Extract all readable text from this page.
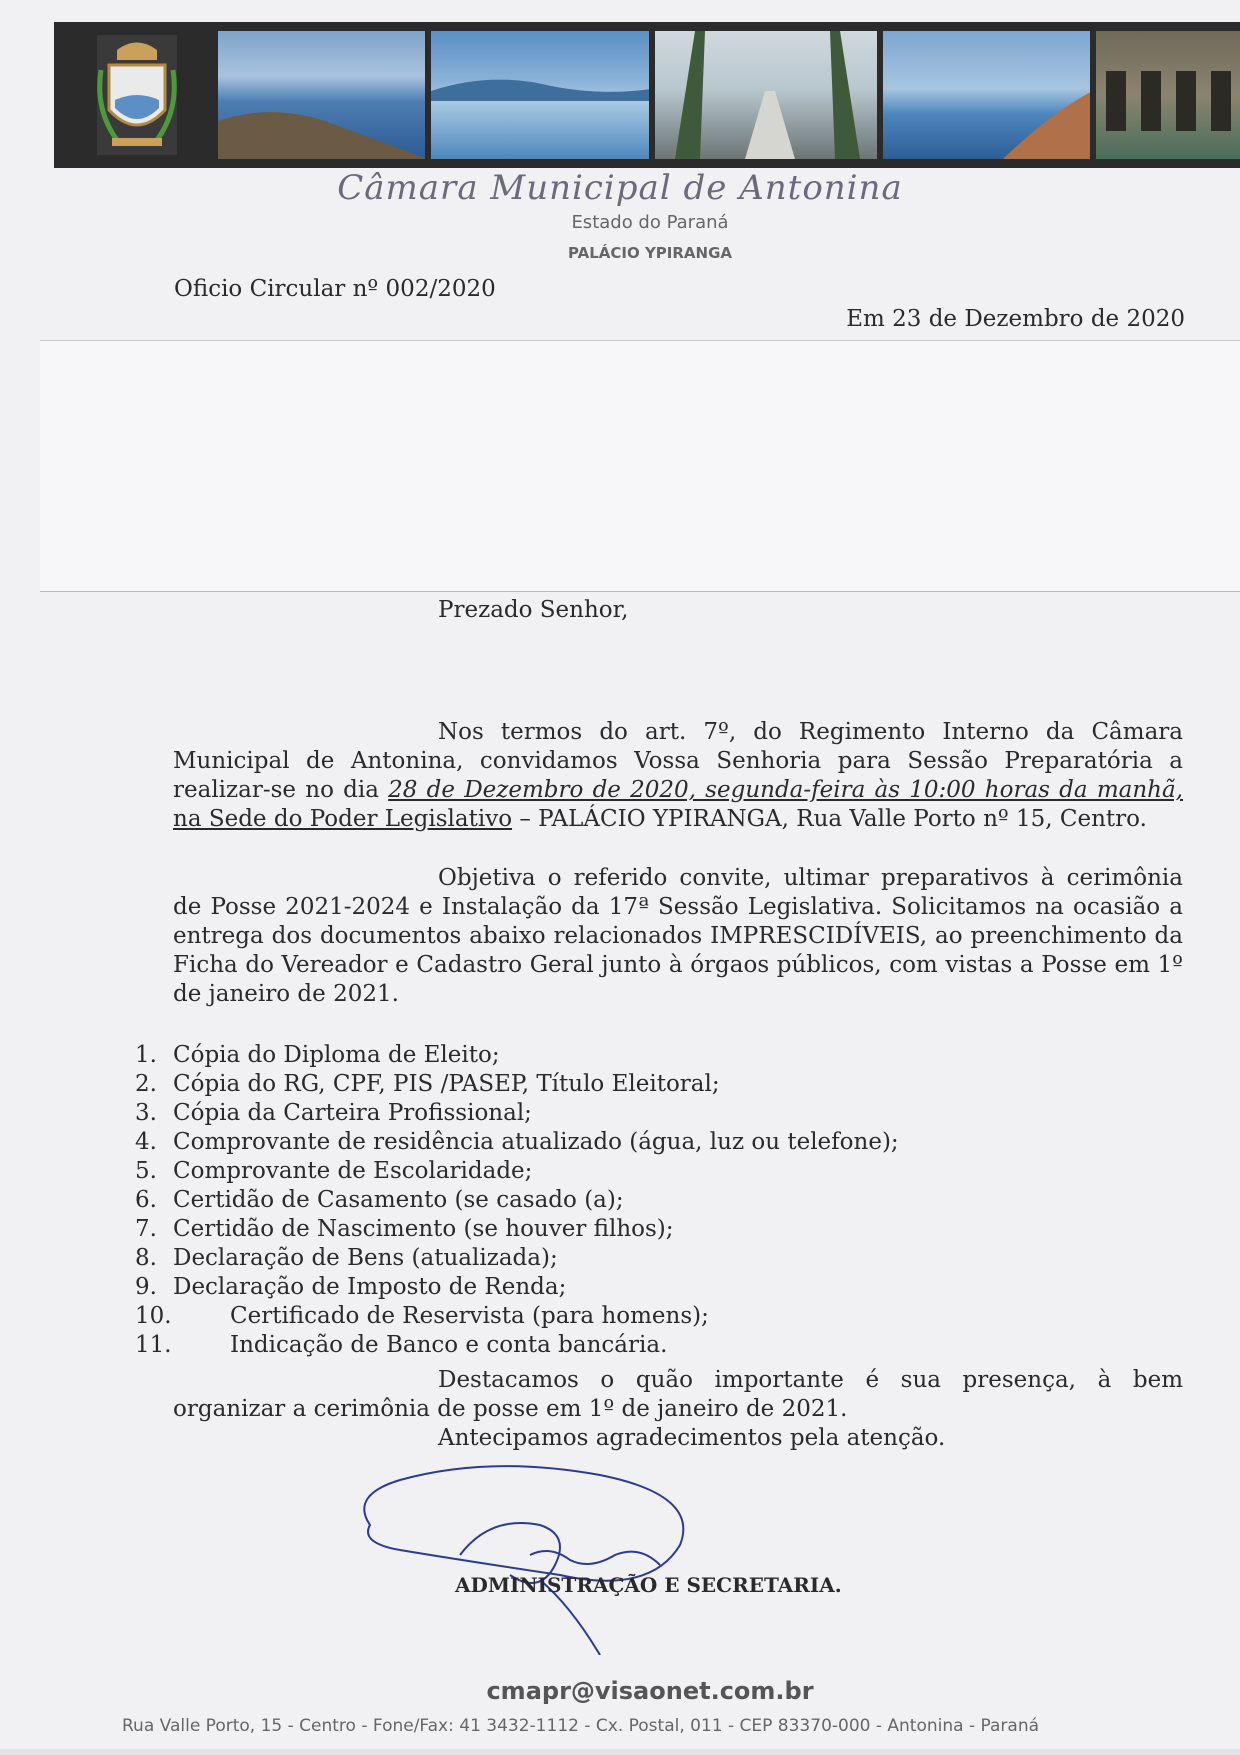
Câmara Municipal de Antonina
Estado do Paraná
PALÁCIO YPIRANGA
Oficio Circular nº 002/2020
Em 23 de Dezembro de 2020
Prezado Senhor,
Nos termos do art. 7º, do Regimento Interno da Câmara Municipal de Antonina, convidamos Vossa Senhoria para Sessão Preparatória a realizar-se no dia 28 de Dezembro de 2020, segunda-feira às 10:00 horas da manhã, na Sede do Poder Legislativo – PALÁCIO YPIRANGA, Rua Valle Porto nº 15, Centro.
Objetiva o referido convite, ultimar preparativos à cerimônia de Posse 2021-2024 e Instalação da 17ª Sessão Legislativa. Solicitamos na ocasião a entrega dos documentos abaixo relacionados IMPRESCIDÍVEIS, ao preenchimento da Ficha do Vereador e Cadastro Geral junto à órgaos públicos, com vistas a Posse em 1º de janeiro de 2021.
1. Cópia do Diploma de Eleito;
2. Cópia do RG, CPF, PIS /PASEP, Título Eleitoral;
3. Cópia da Carteira Profissional;
4. Comprovante de residência atualizado (água, luz ou telefone);
5. Comprovante de Escolaridade;
6. Certidão de Casamento (se casado (a);
7. Certidão de Nascimento (se houver filhos);
8. Declaração de Bens (atualizada);
9. Declaração de Imposto de Renda;
10.	Certificado de Reservista (para homens);
11.	Indicação de Banco e conta bancária.
Destacamos o quão importante é sua presença, à bem organizar a cerimônia de posse em 1º de janeiro de 2021.
Antecipamos agradecimentos pela atenção.
ADMINISTRAÇÃO E SECRETARIA.
cmapr@visaonet.com.br
Rua Valle Porto, 15 - Centro - Fone/Fax: 41 3432-1112 - Cx. Postal, 011 - CEP 83370-000 - Antonina - Paraná
